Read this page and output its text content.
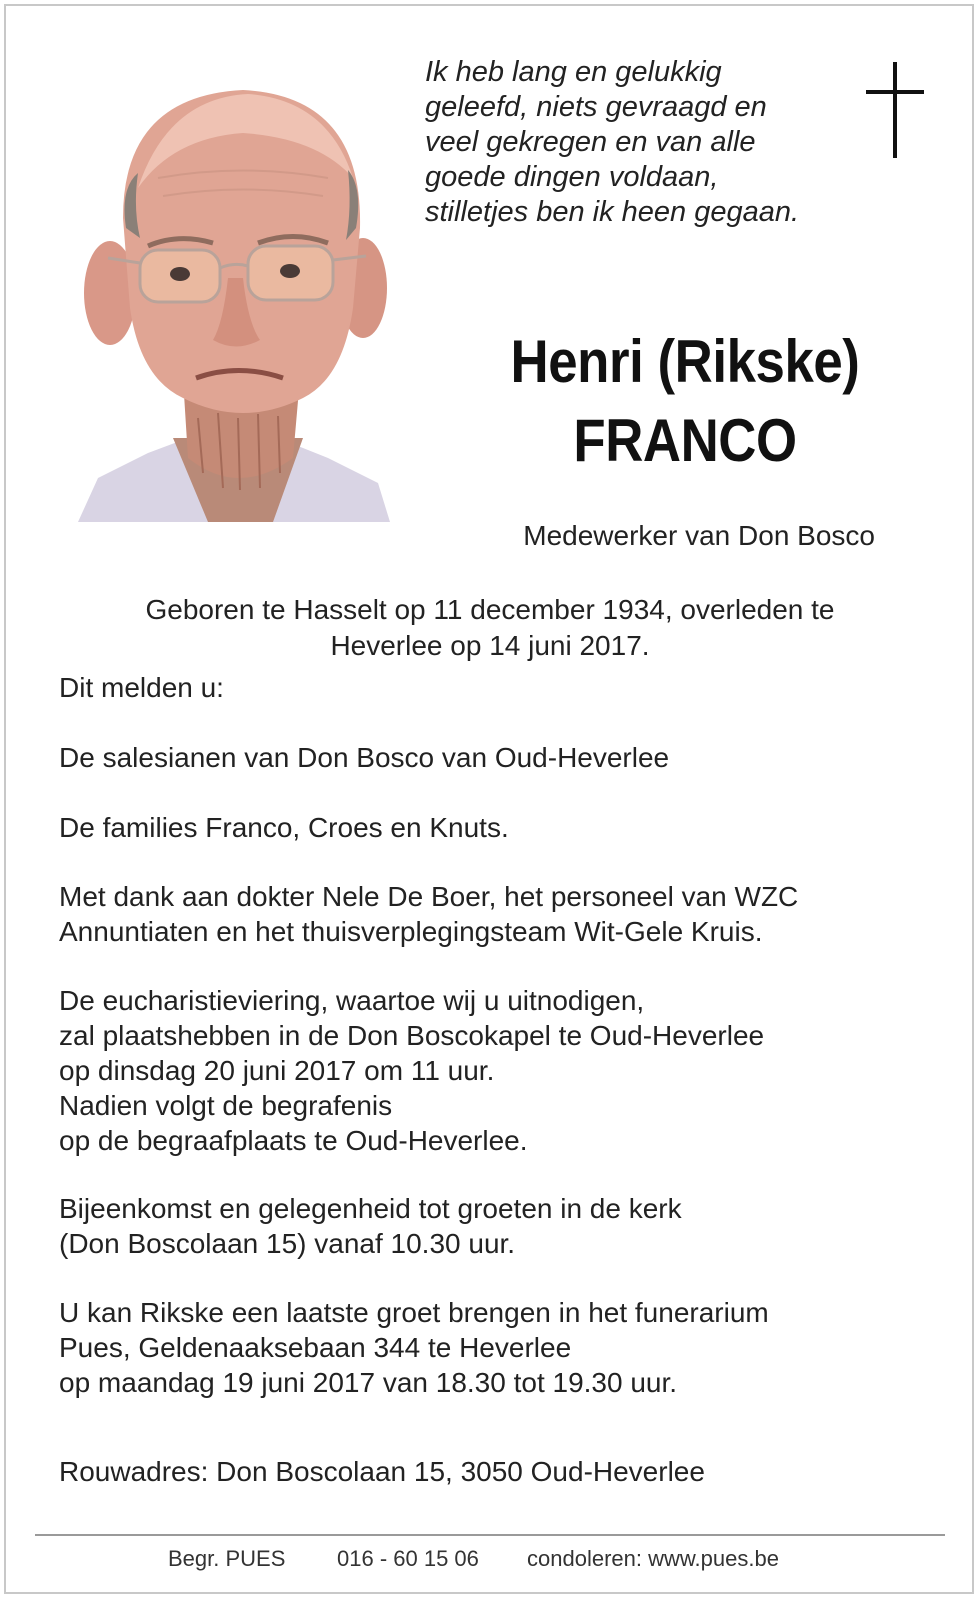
Ik heb lang en gelukkig
geleefd, niets gevraagd en
veel gekregen en van alle
goede dingen voldaan,
stilletjes ben ik heen gegaan.
Henri (Rikske)
FRANCO
Medewerker van Don Bosco
Geboren te Hasselt op 11 december 1934, overleden te
Heverlee op 14 juni 2017.
Dit melden u:
De salesianen van Don Bosco van Oud-Heverlee
De families Franco, Croes en Knuts.
Met dank aan dokter Nele De Boer, het personeel van WZC
Annuntiaten en het thuisverplegingsteam Wit-Gele Kruis.
De eucharistieviering, waartoe wij u uitnodigen,
zal plaatshebben in de Don Boscokapel te Oud-Heverlee
op dinsdag 20 juni 2017 om 11 uur.
Nadien volgt de begrafenis
op de begraafplaats te Oud-Heverlee.
Bijeenkomst en gelegenheid tot groeten in de kerk
(Don Boscolaan 15) vanaf 10.30 uur.
U kan Rikske een laatste groet brengen in het funerarium
Pues, Geldenaaksebaan 344 te Heverlee
op maandag 19 juni 2017 van 18.30 tot 19.30 uur.
Rouwadres: Don Boscolaan 15, 3050 Oud-Heverlee
Begr. PUES 016 - 60 15 06 condoleren: www.pues.be
